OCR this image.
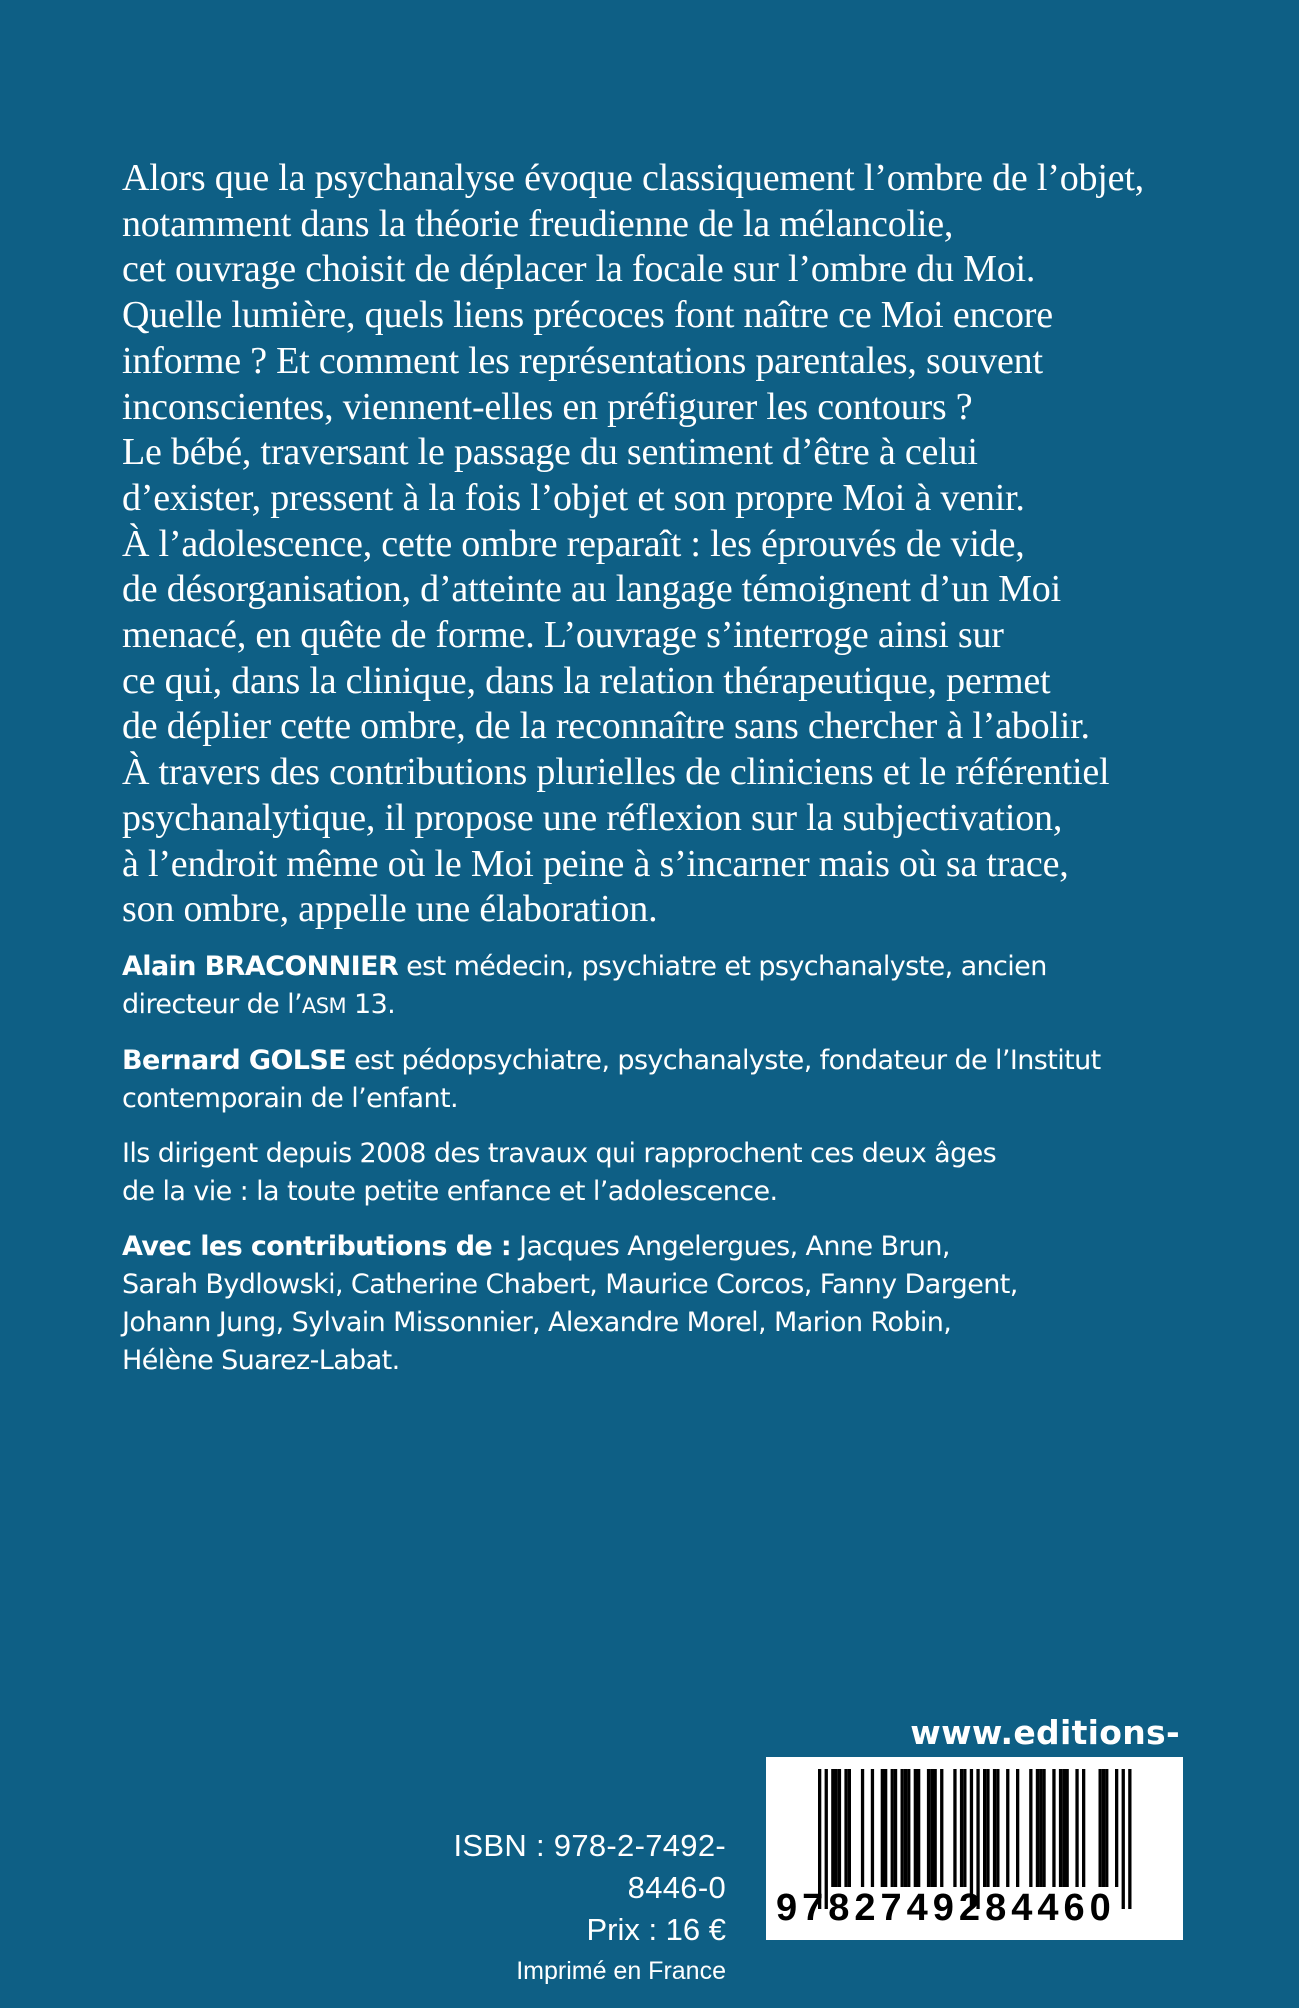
Alors que la psychanalyse évoque classiquement l’ombre de l’objet,
notamment dans la théorie freudienne de la mélancolie,
cet ouvrage choisit de déplacer la focale sur l’ombre du Moi.
Quelle lumière, quels liens précoces font naître ce Moi encore
informe ? Et comment les représentations parentales, souvent
inconscientes, viennent-elles en préfigurer les contours ?
Le bébé, traversant le passage du sentiment d’être à celui
d’exister, pressent à la fois l’objet et son propre Moi à venir.
À l’adolescence, cette ombre reparaît : les éprouvés de vide,
de désorganisation, d’atteinte au langage témoignent d’un Moi
menacé, en quête de forme. L’ouvrage s’interroge ainsi sur
ce qui, dans la clinique, dans la relation thérapeutique, permet
de déplier cette ombre, de la reconnaître sans chercher à l’abolir.
À travers des contributions plurielles de cliniciens et le référentiel
psychanalytique, il propose une réflexion sur la subjectivation,
à l’endroit même où le Moi peine à s’incarner mais où sa trace,
son ombre, appelle une élaboration.

Alain BRACONNIER est médecin, psychiatre et psychanalyste, ancien
directeur de l’ASM 13.

Bernard GOLSE est pédopsychiatre, psychanalyste, fondateur de l’Institut
contemporain de l’enfant.

Ils dirigent depuis 2008 des travaux qui rapprochent ces deux âges
de la vie : la toute petite enfance et l’adolescence.

Avec les contributions de : Jacques Angelergues, Anne Brun,
Sarah Bydlowski, Catherine Chabert, Maurice Corcos, Fanny Dargent,
Johann Jung, Sylvain Missonnier, Alexandre Morel, Marion Robin,
Hélène Suarez-Labat.

www.editions-
ISBN : 978-2-7492-8446-0
Prix : 16 €
Imprimé en France
9782749284460
